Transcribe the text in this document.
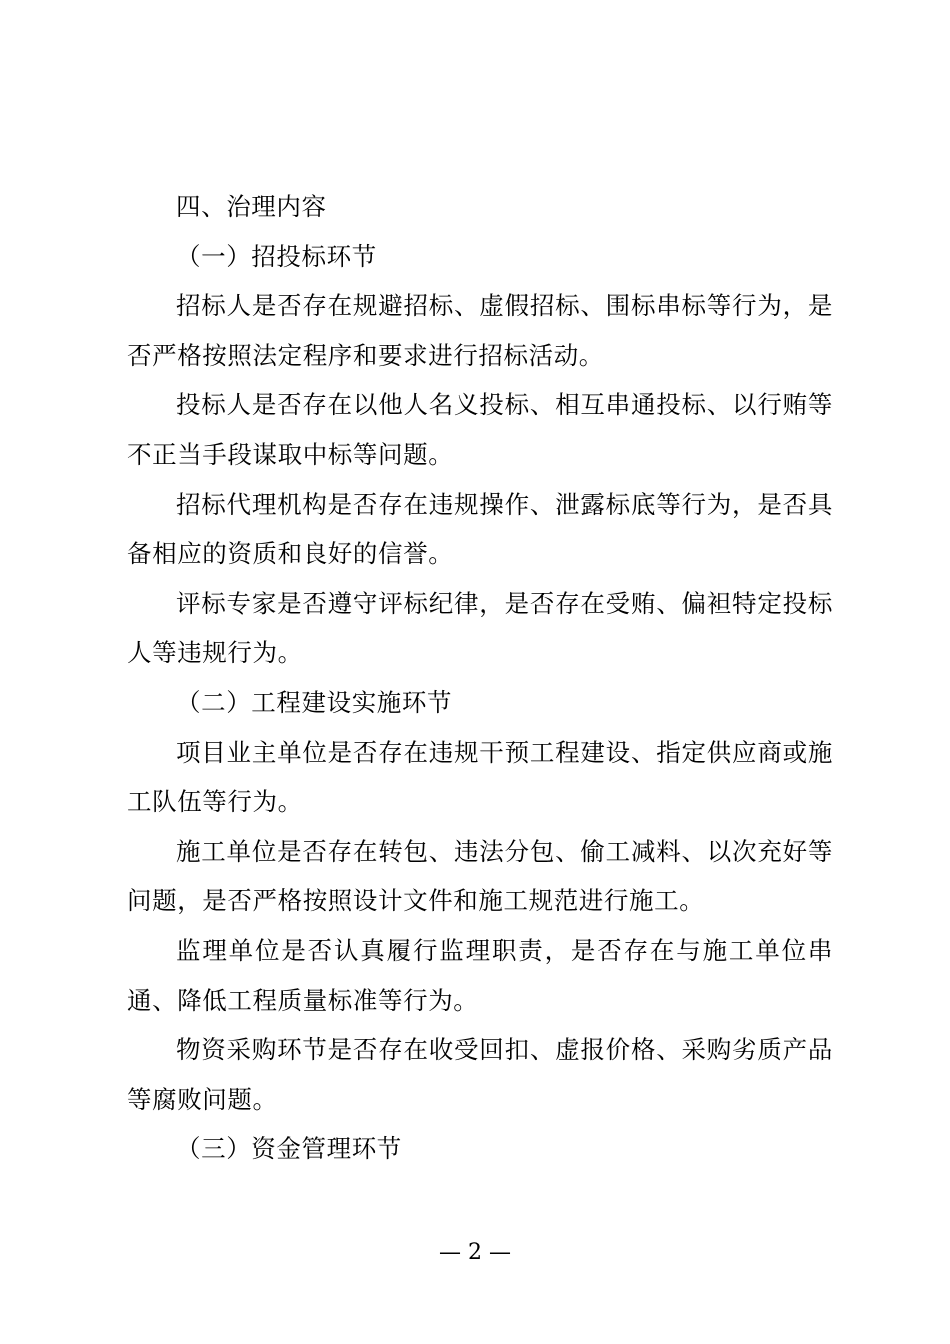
四、治理内容

（一）招投标环节

招标人是否存在规避招标、虚假招标、围标串标等行为，是否严格按照法定程序和要求进行招标活动。

投标人是否存在以他人名义投标、相互串通投标、以行贿等不正当手段谋取中标等问题。

招标代理机构是否存在违规操作、泄露标底等行为，是否具备相应的资质和良好的信誉。

评标专家是否遵守评标纪律，是否存在受贿、偏袒特定投标人等违规行为。

（二）工程建设实施环节

项目业主单位是否存在违规干预工程建设、指定供应商或施工队伍等行为。

施工单位是否存在转包、违法分包、偷工减料、以次充好等问题，是否严格按照设计文件和施工规范进行施工。

监理单位是否认真履行监理职责，是否存在与施工单位串通、降低工程质量标准等行为。

物资采购环节是否存在收受回扣、虚报价格、采购劣质产品等腐败问题。

（三）资金管理环节

— 2 —
